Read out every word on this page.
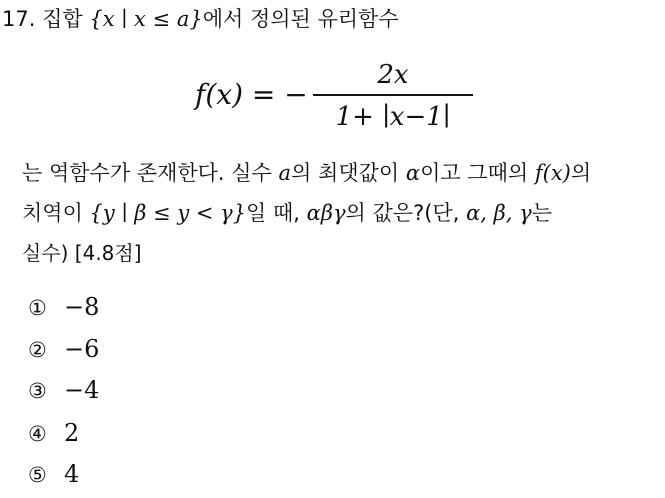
17. 집합 {x ∣ x ≤ a}에서 정의된 유리함수
f(x) = −
2x
1+ ∣x−1∣
는 역함수가 존재한다. 실수 a의 최댓값이 α이고 그때의 f(x)의
치역이 {y ∣ β ≤ y < γ}일 때, αβγ의 값은?(단, α, β, γ는
실수) [4.8점]
① −8
② −6
③ −4
④ 2
⑤ 4
